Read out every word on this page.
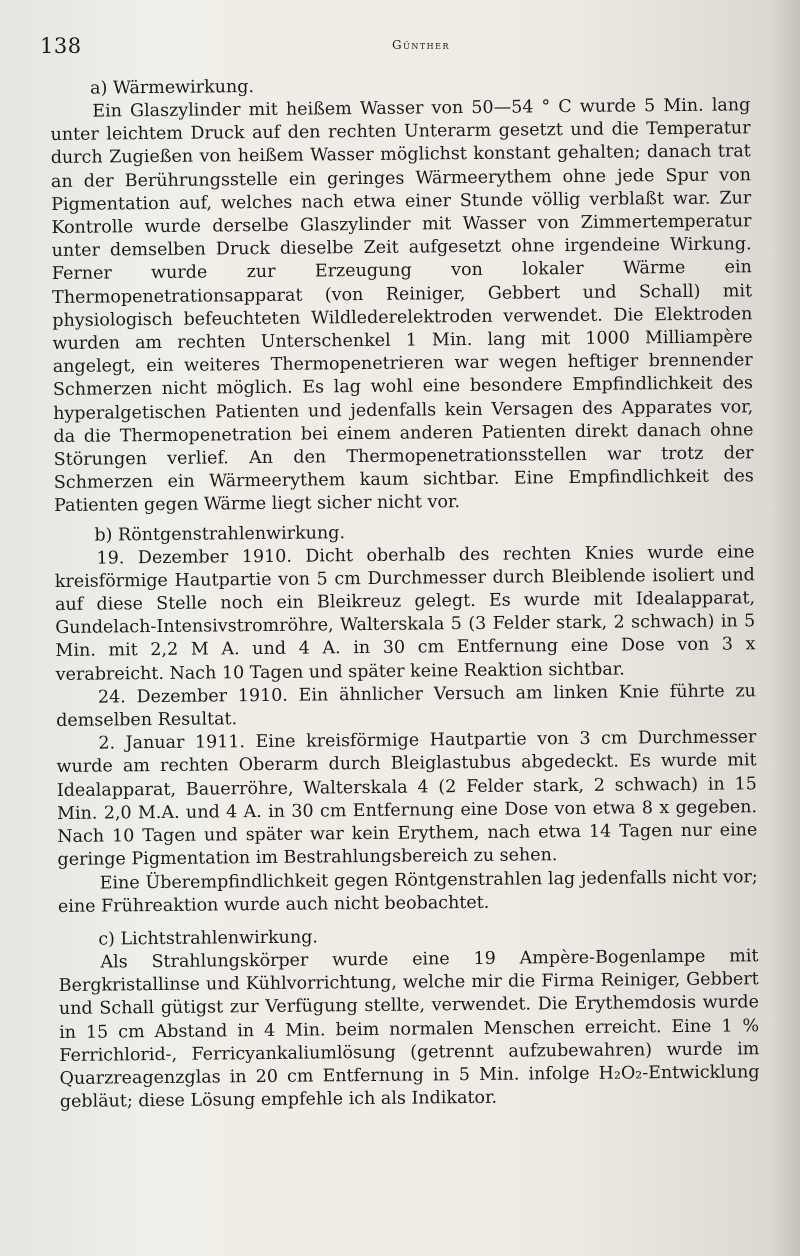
138	Günther

a) Wärmewirkung.

Ein Glaszylinder mit heißem Wasser von 50—54 ° C wurde 5 Min. lang unter leichtem Druck auf den rechten Unterarm gesetzt und die Temperatur durch Zugießen von heißem Wasser möglichst konstant gehalten; danach trat an der Berührungsstelle ein geringes Wärmeerythem ohne jede Spur von Pigmentation auf, welches nach etwa einer Stunde völlig verblaßt war. Zur Kontrolle wurde derselbe Glaszylinder mit Wasser von Zimmertemperatur unter demselben Druck dieselbe Zeit aufgesetzt ohne irgendeine Wirkung. Ferner wurde zur Erzeugung von lokaler Wärme ein Thermopenetrationsapparat (von Reiniger, Gebbert und Schall) mit physiologisch befeuchteten Wildlederelektroden verwendet. Die Elektroden wurden am rechten Unterschenkel 1 Min. lang mit 1000 Milliampère angelegt, ein weiteres Thermopenetrieren war wegen heftiger brennender Schmerzen nicht möglich. Es lag wohl eine besondere Empfindlichkeit des hyperalgetischen Patienten und jedenfalls kein Versagen des Apparates vor, da die Thermopenetration bei einem anderen Patienten direkt danach ohne Störungen verlief. An den Thermopenetrationsstellen war trotz der Schmerzen ein Wärmeerythem kaum sichtbar. Eine Empfindlichkeit des Patienten gegen Wärme liegt sicher nicht vor.

b) Röntgenstrahlenwirkung.

19. Dezember 1910. Dicht oberhalb des rechten Knies wurde eine kreisförmige Hautpartie von 5 cm Durchmesser durch Bleiblende isoliert und auf diese Stelle noch ein Bleikreuz gelegt. Es wurde mit Idealapparat, Gundelach-Intensivstromröhre, Walterskala 5 (3 Felder stark, 2 schwach) in 5 Min. mit 2,2 M A. und 4 A. in 30 cm Entfernung eine Dose von 3 x verabreicht. Nach 10 Tagen und später keine Reaktion sichtbar.

24. Dezember 1910. Ein ähnlicher Versuch am linken Knie führte zu demselben Resultat.

2. Januar 1911. Eine kreisförmige Hautpartie von 3 cm Durchmesser wurde am rechten Oberarm durch Bleiglastubus abgedeckt. Es wurde mit Idealapparat, Bauerröhre, Walterskala 4 (2 Felder stark, 2 schwach) in 15 Min. 2,0 M.A. und 4 A. in 30 cm Entfernung eine Dose von etwa 8 x gegeben. Nach 10 Tagen und später war kein Erythem, nach etwa 14 Tagen nur eine geringe Pigmentation im Bestrahlungsbereich zu sehen.

Eine Überempfindlichkeit gegen Röntgenstrahlen lag jedenfalls nicht vor; eine Frühreaktion wurde auch nicht beobachtet.

c) Lichtstrahlenwirkung.

Als Strahlungskörper wurde eine 19 Ampère-Bogenlampe mit Bergkristallinse und Kühlvorrichtung, welche mir die Firma Reiniger, Gebbert und Schall gütigst zur Verfügung stellte, verwendet. Die Erythemdosis wurde in 15 cm Abstand in 4 Min. beim normalen Menschen erreicht. Eine 1 % Ferrichlorid-, Ferricyankaliumlösung (getrennt aufzubewahren) wurde im Quarzreagenzglas in 20 cm Entfernung in 5 Min. infolge H₂O₂-Entwicklung gebläut; diese Lösung empfehle ich als Indikator.
